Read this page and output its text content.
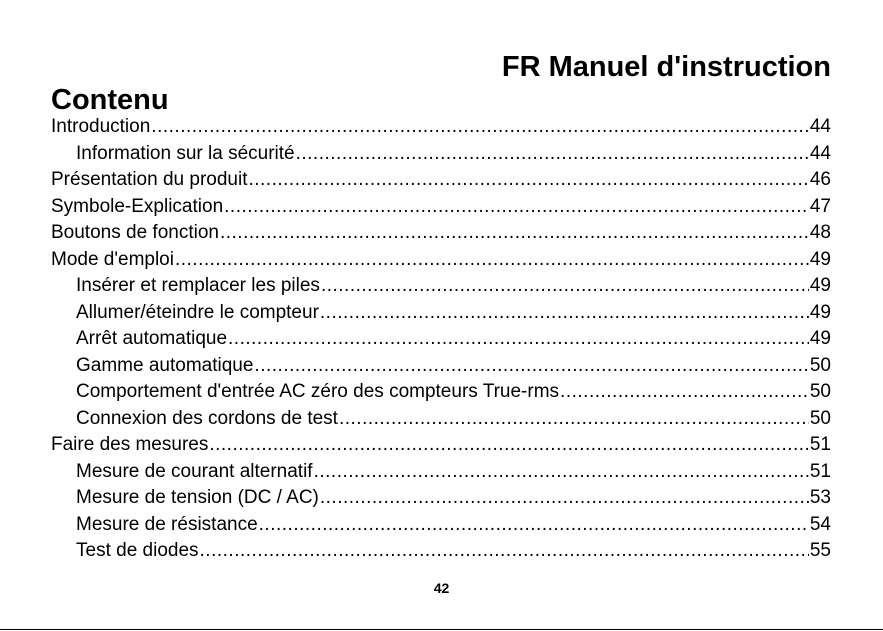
FR Manuel d'instruction
Contenu
Introduction .....	44
Information sur la sécurité .....	44
Présentation du produit .....	46
Symbole-Explication .....	47
Boutons de fonction .....	48
Mode d'emploi .....	49
Insérer et remplacer les piles .....	49
Allumer/éteindre le compteur .....	49
Arrêt automatique .....	49
Gamme automatique .....	50
Comportement d'entrée AC zéro des compteurs True-rms .....	50
Connexion des cordons de test .....	50
Faire des mesures .....	51
Mesure de courant alternatif .....	51
Mesure de tension (DC / AC) .....	53
Mesure de résistance .....	54
Test de diodes .....	55
42
